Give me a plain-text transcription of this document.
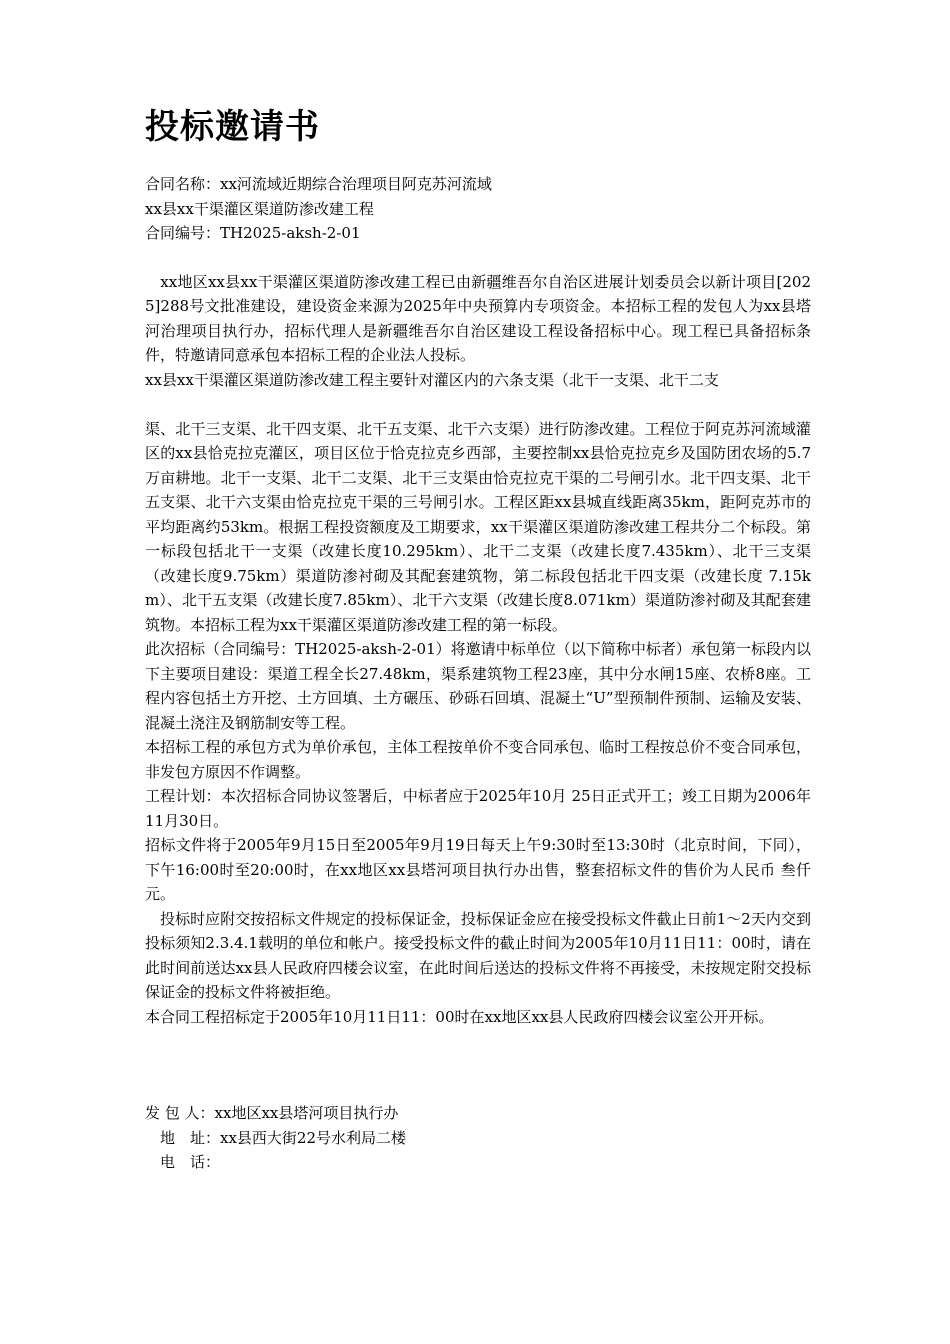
投标邀请书

合同名称：xx河流域近期综合治理项目阿克苏河流域

xx县xx干渠灌区渠道防渗改建工程

合同编号：TH2025-aksh-2-01

　xx地区xx县xx干渠灌区渠道防渗改建工程已由新疆维吾尔自治区进展计划委员会以新计项目[2025]288号文批准建设，建设资金来源为2025年中央预算内专项资金。本招标工程的发包人为xx县塔河治理项目执行办，招标代理人是新疆维吾尔自治区建设工程设备招标中心。现工程已具备招标条件，特邀请同意承包本招标工程的企业法人投标。

xx县xx干渠灌区渠道防渗改建工程主要针对灌区内的六条支渠（北干一支渠、北干二支

渠、北干三支渠、北干四支渠、北干五支渠、北干六支渠）进行防渗改建。工程位于阿克苏河流域灌区的xx县恰克拉克灌区，项目区位于恰克拉克乡西部，主要控制xx县恰克拉克乡及国防团农场的5.7万亩耕地。北干一支渠、北干二支渠、北干三支渠由恰克拉克干渠的二号闸引水。北干四支渠、北干五支渠、北干六支渠由恰克拉克干渠的三号闸引水。工程区距xx县城直线距离35km，距阿克苏市的平均距离约53km。根据工程投资额度及工期要求，xx干渠灌区渠道防渗改建工程共分二个标段。第一标段包括北干一支渠（改建长度10.295km）、北干二支渠（改建长度7.435km）、北干三支渠（改建长度9.75km）渠道防渗衬砌及其配套建筑物，第二标段包括北干四支渠（改建长度 7.15km）、北干五支渠（改建长度7.85km）、北干六支渠（改建长度8.071km）渠道防渗衬砌及其配套建筑物。本招标工程为xx干渠灌区渠道防渗改建工程的第一标段。

此次招标（合同编号：TH2025-aksh-2-01）将邀请中标单位（以下简称中标者）承包第一标段内以下主要项目建设：渠道工程全长27.48km，渠系建筑物工程23座，其中分水闸15座、农桥8座。工程内容包括土方开挖、土方回填、土方碾压、砂砾石回填、混凝土“U”型预制件预制、运输及安装、混凝土浇注及钢筋制安等工程。

本招标工程的承包方式为单价承包，主体工程按单价不变合同承包、临时工程按总价不变合同承包，非发包方原因不作调整。

工程计划：本次招标合同协议签署后，中标者应于2025年10月 25日正式开工；竣工日期为2006年11月30日。

招标文件将于2005年9月15日至2005年9月19日每天上午9:30时至13:30时（北京时间，下同），下午16:00时至20:00时，在xx地区xx县塔河项目执行办出售，整套招标文件的售价为人民币 叁仟 元。

　投标时应附交按招标文件规定的投标保证金，投标保证金应在接受投标文件截止日前1～2天内交到投标须知2.3.4.1载明的单位和帐户。接受投标文件的截止时间为2005年10月11日11：00时，请在此时间前送达xx县人民政府四楼会议室，在此时间后送达的投标文件将不再接受，未按规定附交投标保证金的投标文件将被拒绝。

本合同工程招标定于2005年10月11日11：00时在xx地区xx县人民政府四楼会议室公开开标。

发 包 人：xx地区xx县塔河项目执行办

　地　址：xx县西大街22号水利局二楼

　电　话：
